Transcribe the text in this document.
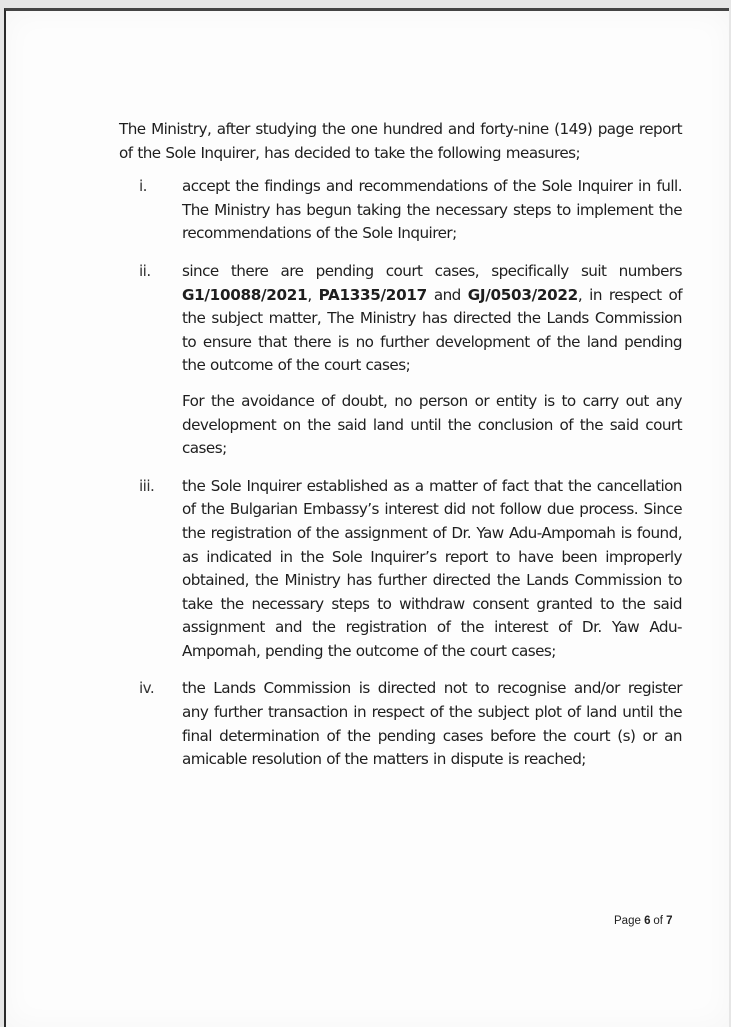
The Ministry, after studying the one hundred and forty-nine (149) page report of the Sole Inquirer, has decided to take the following measures;

i.	accept the findings and recommendations of the Sole Inquirer in full. The Ministry has begun taking the necessary steps to implement the recommendations of the Sole Inquirer;

ii.	since there are pending court cases, specifically suit numbers G1/10088/2021, PA1335/2017 and GJ/0503/2022, in respect of the subject matter, The Ministry has directed the Lands Commission to ensure that there is no further development of the land pending the outcome of the court cases;

For the avoidance of doubt, no person or entity is to carry out any development on the said land until the conclusion of the said court cases;

iii.	the Sole Inquirer established as a matter of fact that the cancellation of the Bulgarian Embassy’s interest did not follow due process. Since the registration of the assignment of Dr. Yaw Adu-Ampomah is found, as indicated in the Sole Inquirer’s report to have been improperly obtained, the Ministry has further directed the Lands Commission to take the necessary steps to withdraw consent granted to the said assignment and the registration of the interest of Dr. Yaw Adu- Ampomah, pending the outcome of the court cases;

iv.	the Lands Commission is directed not to recognise and/or register any further transaction in respect of the subject plot of land until the final determination of the pending cases before the court (s) or an amicable resolution of the matters in dispute is reached;

Page 6 of 7
